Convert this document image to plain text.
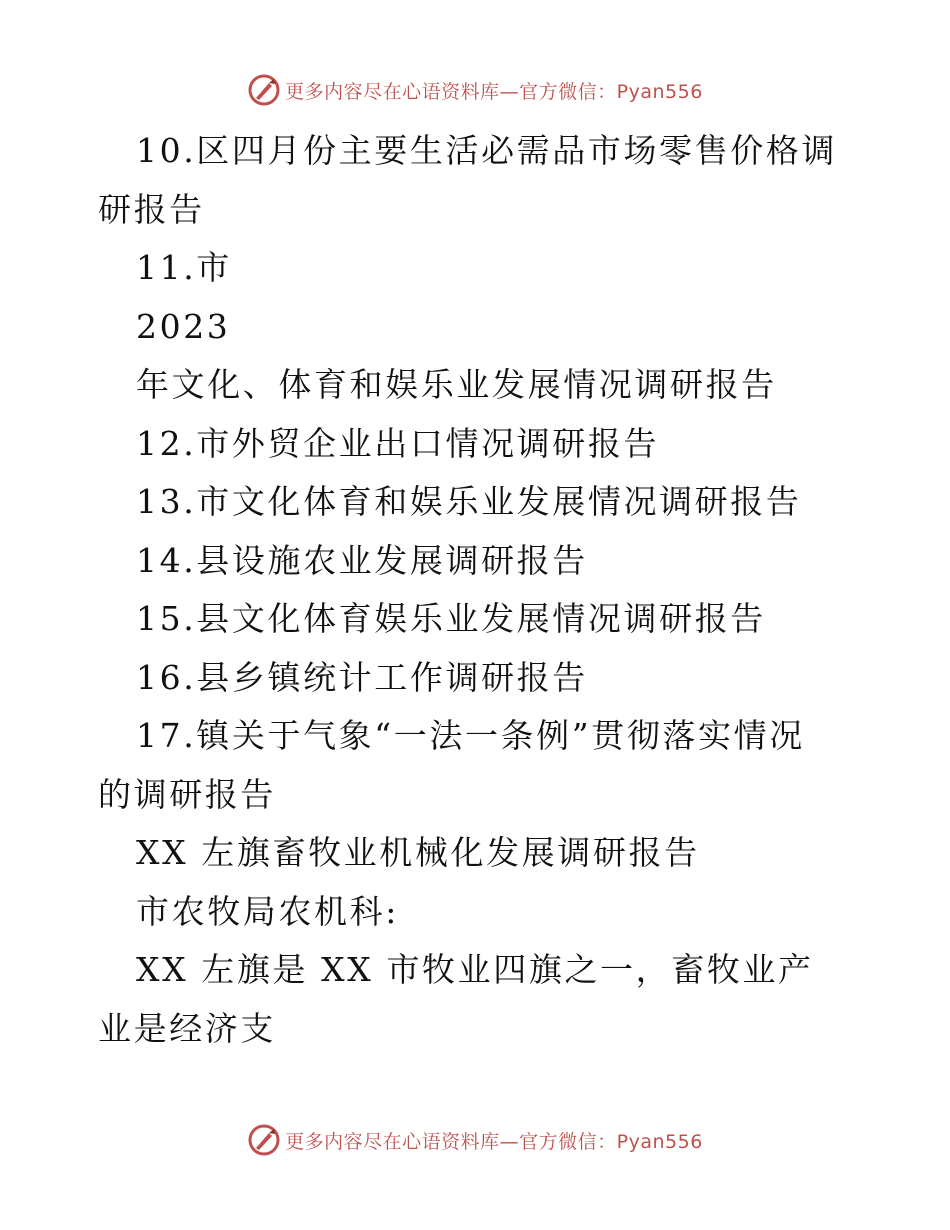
更多内容尽在心语资料库—官方微信：Pyan556

10.区四月份主要生活必需品市场零售价格调研报告

11.市

2023

年文化、体育和娱乐业发展情况调研报告

12.市外贸企业出口情况调研报告

13.市文化体育和娱乐业发展情况调研报告

14.县设施农业发展调研报告

15.县文化体育娱乐业发展情况调研报告

16.县乡镇统计工作调研报告

17.镇关于气象“一法一条例”贯彻落实情况的调研报告

XX 左旗畜牧业机械化发展调研报告

市农牧局农机科:

XX 左旗是 XX 市牧业四旗之一，畜牧业产业是经济支

更多内容尽在心语资料库—官方微信：Pyan556
